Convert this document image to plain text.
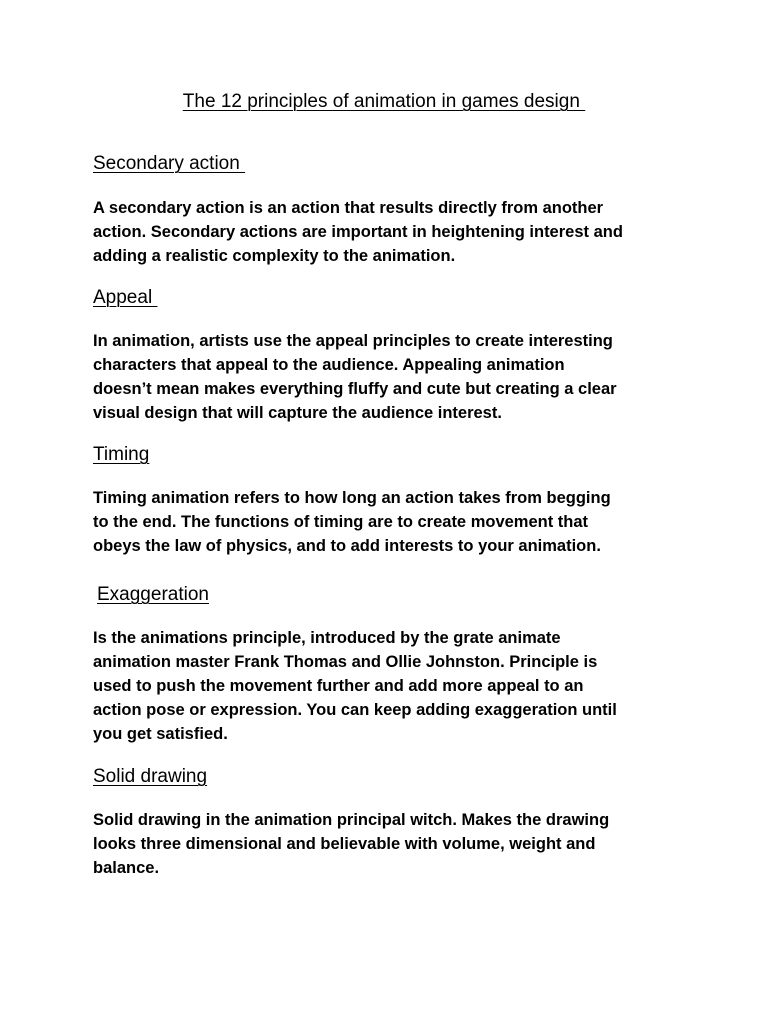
The 12 principles of animation in games design
Secondary action

A secondary action is an action that results directly from another
action. Secondary actions are important in heightening interest and
adding a realistic complexity to the animation.

Appeal

In animation, artists use the appeal principles to create interesting
characters that appeal to the audience. Appealing animation
doesn’t mean makes everything fluffy and cute but creating a clear
visual design that will capture the audience interest.

Timing

Timing animation refers to how long an action takes from begging
to the end. The functions of timing are to create movement that
obeys the law of physics, and to add interests to your animation.

Exaggeration

Is the animations principle, introduced by the grate animate
animation master Frank Thomas and Ollie Johnston. Principle is
used to push the movement further and add more appeal to an
action pose or expression. You can keep adding exaggeration until
you get satisfied.

Solid drawing

Solid drawing in the animation principal witch. Makes the drawing
looks three dimensional and believable with volume, weight and
balance.
